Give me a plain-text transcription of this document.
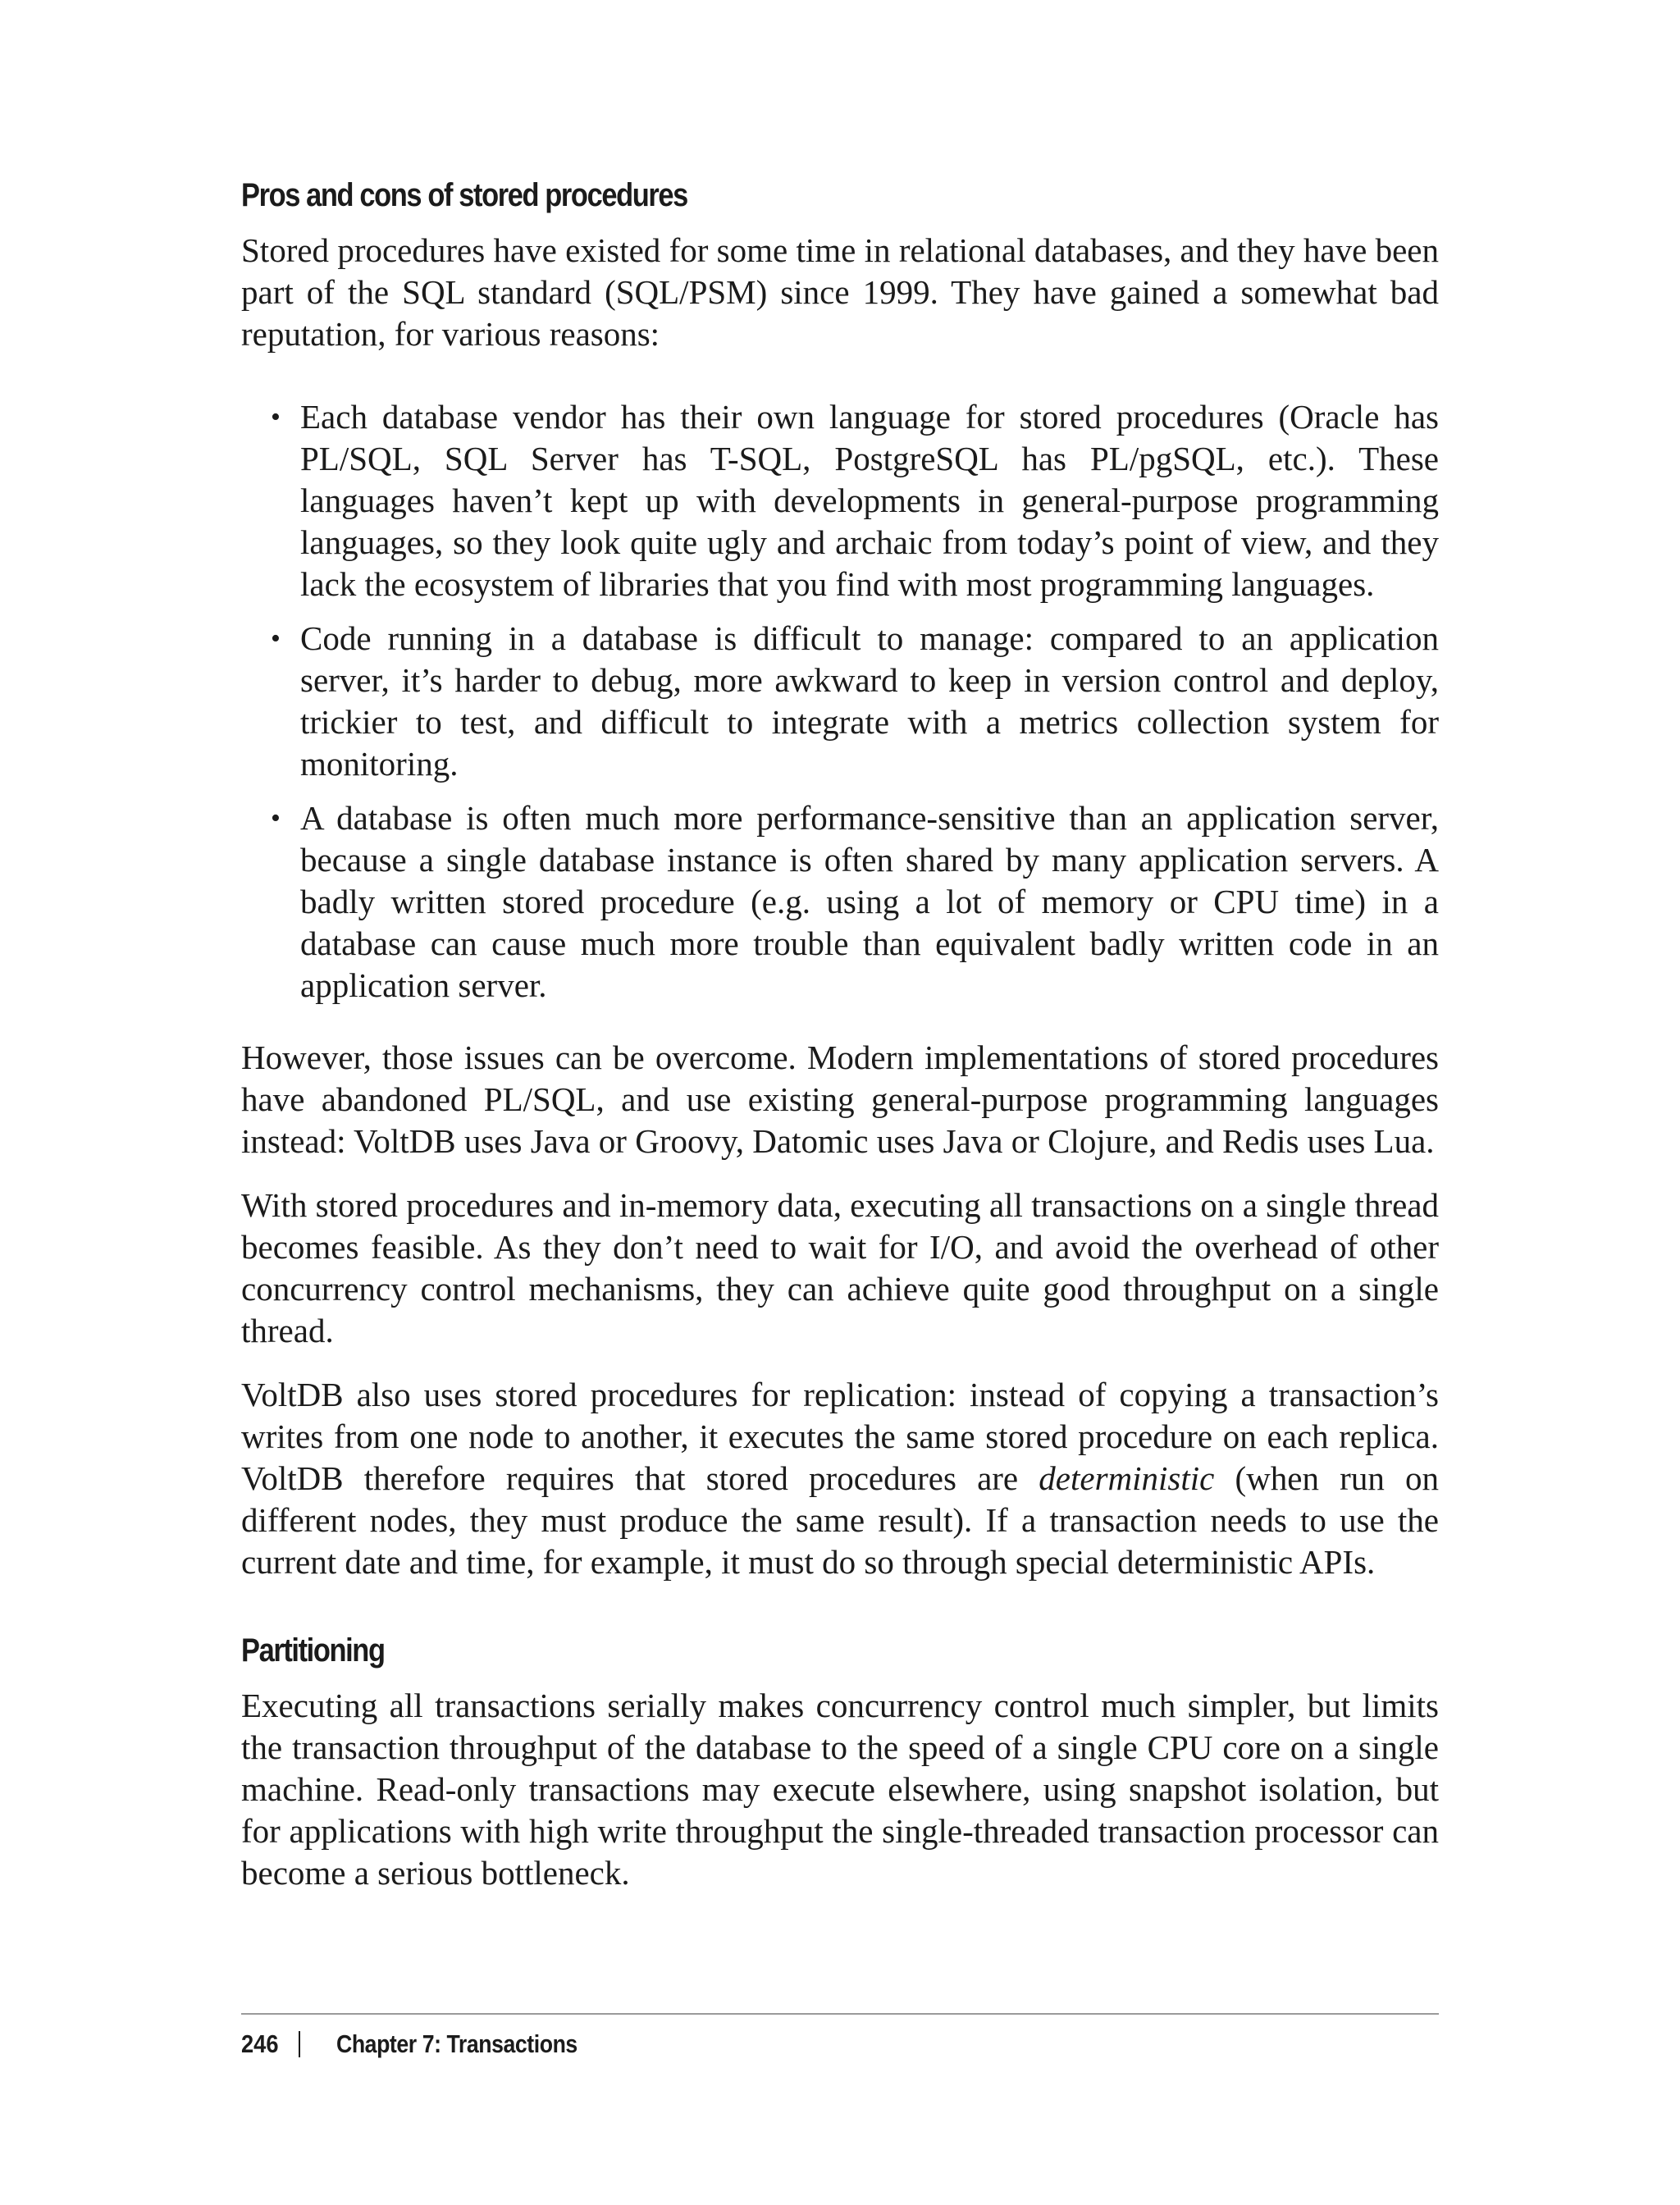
Pros and cons of stored procedures

Stored procedures have existed for some time in relational databases, and they have been part of the SQL standard (SQL/PSM) since 1999. They have gained a somewhat bad reputation, for various reasons:

• Each database vendor has their own language for stored procedures (Oracle has PL/SQL, SQL Server has T-SQL, PostgreSQL has PL/pgSQL, etc.). These languages haven’t kept up with developments in general-purpose programming languages, so they look quite ugly and archaic from today’s point of view, and they lack the ecosystem of libraries that you find with most programming languages.
• Code running in a database is difficult to manage: compared to an application server, it’s harder to debug, more awkward to keep in version control and deploy, trickier to test, and difficult to integrate with a metrics collection system for monitoring.
• A database is often much more performance-sensitive than an application server, because a single database instance is often shared by many application servers. A badly written stored procedure (e.g. using a lot of memory or CPU time) in a database can cause much more trouble than equivalent badly written code in an application server.

However, those issues can be overcome. Modern implementations of stored procedures have abandoned PL/SQL, and use existing general-purpose programming languages instead: VoltDB uses Java or Groovy, Datomic uses Java or Clojure, and Redis uses Lua.

With stored procedures and in-memory data, executing all transactions on a single thread becomes feasible. As they don’t need to wait for I/O, and avoid the overhead of other concurrency control mechanisms, they can achieve quite good throughput on a single thread.

VoltDB also uses stored procedures for replication: instead of copying a transaction’s writes from one node to another, it executes the same stored procedure on each replica. VoltDB therefore requires that stored procedures are deterministic (when run on different nodes, they must produce the same result). If a transaction needs to use the current date and time, for example, it must do so through special deterministic APIs.

Partitioning

Executing all transactions serially makes concurrency control much simpler, but limits the transaction throughput of the database to the speed of a single CPU core on a single machine. Read-only transactions may execute elsewhere, using snapshot isolation, but for applications with high write throughput the single-threaded transaction processor can become a serious bottleneck.

246 Chapter 7: Transactions
